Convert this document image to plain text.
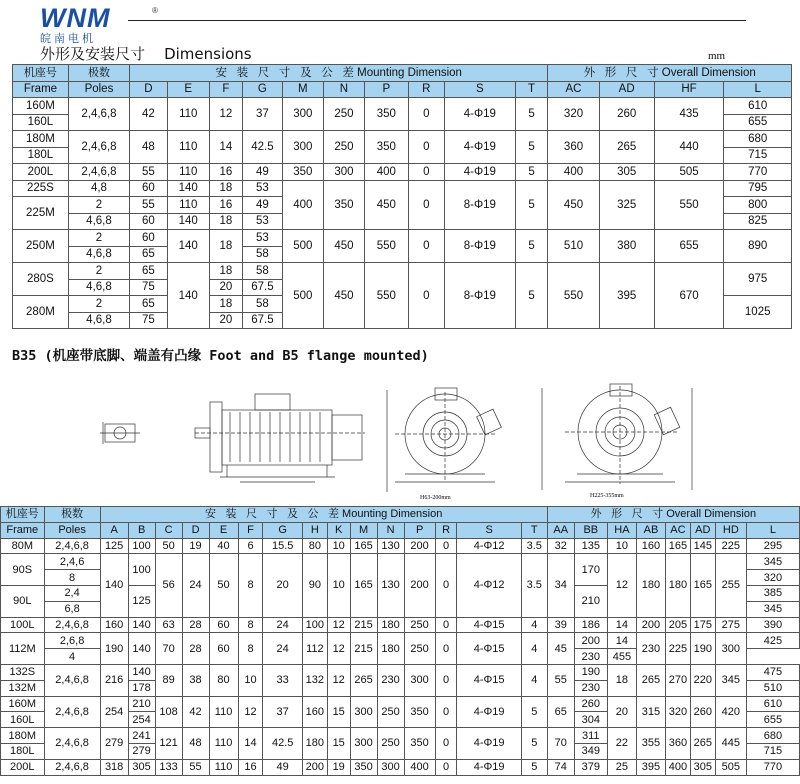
WNM
皖南电机
®
外形及安装尺寸    Dimensions	mm
机座号	极数	安 装 尺 寸 及 公 差 Mounting Dimension										外 形 尺 寸 Overall Dimension			
Frame	Poles	D	E	F	G	M	N	P	R	S	T	AC	AD	HF	L
160M	2,4,6,8	42	110	12	37	300	250	350	0	4-Φ19	5	320	260	435	610
160L															655
180M	2,4,6,8	48	110	14	42.5	300	250	350	0	4-Φ19	5	360	265	440	680
180L															715
200L	2,4,6,8	55	110	16	49	350	300	400	0	4-Φ19	5	400	305	505	770
225S	4,8	60	140	18	53	400	350	450	0	8-Φ19	5	450	325	550	795
225M	2	55	110	16	49										800
	4,6,8	60	140	18	53										825
250M	2	60	140	18	53	500	450	550	0	8-Φ19	5	510	380	655	890
	4,6,8	65			58										
280S	2	65	140	18	58	500	450	550	0	8-Φ19	5	550	395	670	975
	4,6,8	75		20	67.5										
280M	2	65		18	58										1025
	4,6,8	75		20	67.5										
B35 (机座带底脚、端盖有凸缘 Foot and B5 flange mounted)
H63-200mm	H225-355mm
机座号	极数	安 装 尺 寸 及 公 差 Mounting Dimension															外 形 尺 寸 Overall Dimension							
Frame	Poles	A	B	C	D	E	F	G	H	K	M	N	P	R	S	T	AA	BB	HA	AB	AC	AD	HD	L
80M	2,4,6,8	125	100	50	19	40	6	15.5	80	10	165	130	200	0	4-Φ12	3.5	32	135	10	160	165	145	225	295
90S	2,4,6	140	100	56	24	50	8	20	90	10	165	130	200	0	4-Φ12	3.5	34	170	12	180	180	165	255	345
	8																							320
90L	2,4		125															210						385
	6,8																							345
100L	2,4,6,8	160	140	63	28	60	8	24	100	12	215	180	250	0	4-Φ15	4	39	186	14	200	205	175	275	390
112M	2,6,8	190	140	70	28	60	8	24	112	12	215	180	250	0	4-Φ15	4	45	200	14	230	225	190	300	425
	4																	230	455					
132S	2,4,6,8	216	140	89	38	80	10	33	132	12	265	230	300	0	4-Φ15	4	55	190	18	265	270	220	345	475
132M			178															230						510
160M	2,4,6,8	254	210	108	42	110	12	37	160	15	300	250	350	0	4-Φ19	5	65	260	20	315	320	260	420	610
160L			254															304						655
180M	2,4,6,8	279	241	121	48	110	14	42.5	180	15	300	250	350	0	4-Φ19	5	70	311	22	355	360	265	445	680
180L			279															349						715
200L	2,4,6,8	318	305	133	55	110	16	49	200	19	350	300	400	0	4-Φ19	5	74	379	25	395	400	305	505	770
